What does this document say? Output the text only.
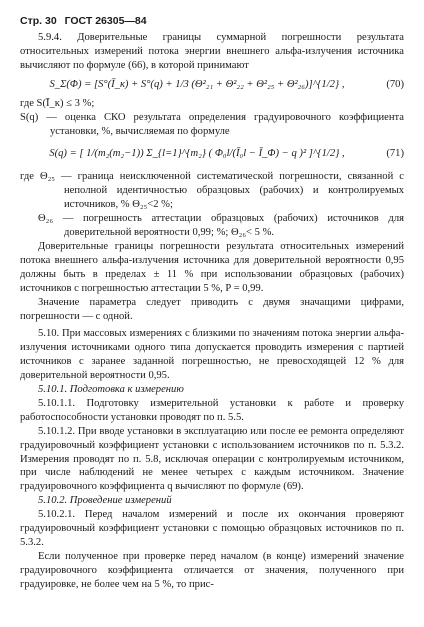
Стр. 30 ГОСТ 26305—84

5.9.4. Доверительные границы суммарной погрешности результата относительных измерений потока энергии внешнего альфа-излучения источника вычисляют по формуле (66), в которой принимают

S_Σ(Φ) = [S°(Ī_к) + S°(q) + 1/3 (Θ²₂₁ + Θ²₂₂ + Θ²₂₅ + Θ²₂₆)]^{1/2} ,	(70)

где S(Ī_к) ≤ 3 %;

S(q) — оценка СКО результата определения градуировочного коэффициента установки, %, вычисляемая по формуле

S(q) = [ 1/(m₂(m₂−1)) Σ_{l=1}^{m₂} ( Φ₀l/(Ī₀l − Ī_Φ) − q )² ]^{1/2} ,	(71)

где Θ₂₅ — граница неисключенной систематической погрешности, связанной с неполной идентичностью образцовых (рабочих) и контролируемых источников, % Θ₂₅<2 %;

Θ₂₆ — погрешность аттестации образцовых (рабочих) источников для доверительной вероятности 0,99; %; Θ₂₆< 5 %.

Доверительные границы погрешности результата относительных измерений потока внешнего альфа-излучения источника для доверительной вероятности 0,95 должны быть в пределах ± 11 % при использовании образцовых (рабочих) источников с погрешностью аттестации 5 %, P = 0,99.

Значение параметра следует приводить с двумя значащими цифрами, погрешности — с одной.

5.10. При массовых измерениях с близкими по значениям потока энергии альфа-излучения источниками одного типа допускается проводить измерения с партией источников с заранее заданной погрешностью, не превосходящей 12 % для доверительной вероятности 0,95.

5.10.1. Подготовка к измерению

5.10.1.1. Подготовку измерительной установки к работе и проверку работоспособности установки проводят по п. 5.5.

5.10.1.2. При вводе установки в эксплуатацию или после ее ремонта определяют градуировочный коэффициент установки с использованием источников по п. 5.3.2. Измерения проводят по п. 5.8, исключая операции с контролируемым источником, при числе наблюдений не менее четырех с каждым источником. Значение градуировочного коэффициента q вычисляют по формуле (69).

5.10.2. Проведение измерений

5.10.2.1. Перед началом измерений и после их окончания проверяют градуировочный коэффициент установки с помощью образцовых источников по п. 5.3.2.

Если полученное при проверке перед началом (в конце) измерений значение градуировочного коэффициента отличается от значения, полученного при градуировке, не более чем на 5 %, то прис-
